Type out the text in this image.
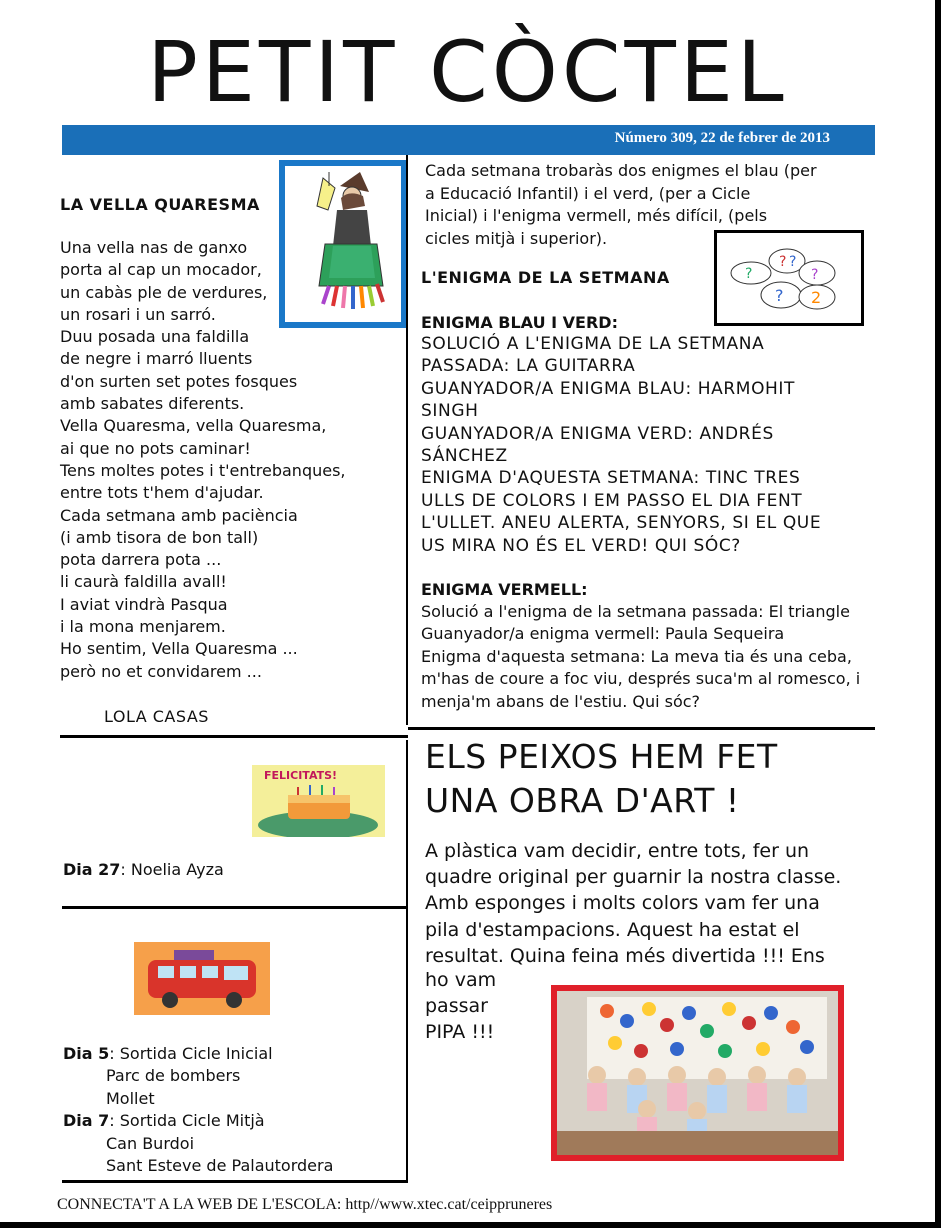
PETIT CÒCTEL
Número 309, 22 de febrer de 2013
LA VELLA QUARESMA
Una vella nas de ganxo
porta al cap un mocador,
un cabàs ple de verdures,
un rosari i un sarró.
Duu posada una faldilla
de negre i marró lluents
d'on surten set potes fosques
amb sabates diferents.
Vella Quaresma, vella Quaresma,
ai que no pots caminar!
Tens moltes potes i t'entrebanques,
entre tots t'hem d'ajudar.
Cada setmana amb paciència
(i amb tisora de bon tall)
pota darrera pota ...
li caurà faldilla avall!
I aviat vindrà Pasqua
i la mona menjarem.
Ho sentim, Vella Quaresma ...
però no et convidarem ...
LOLA CASAS
Cada setmana trobaràs dos enigmes el blau (per
a Educació Infantil) i el verd, (per a Cicle
Inicial) i l'enigma vermell, més difícil, (pels
cicles mitjà i superior).
L'ENIGMA DE LA SETMANA	?
? ?
?
? 2
ENIGMA BLAU I VERD:
SOLUCIÓ A L'ENIGMA DE LA SETMANA
PASSADA: LA GUITARRA
GUANYADOR/A ENIGMA BLAU: HARMOHIT
SINGH
GUANYADOR/A ENIGMA VERD: ANDRÉS
SÁNCHEZ
ENIGMA D'AQUESTA SETMANA: TINC TRES
ULLS DE COLORS I EM PASSO EL DIA FENT
L'ULLET. ANEU ALERTA, SENYORS, SI EL QUE
US MIRA NO ÉS EL VERD! QUI SÓC?
ENIGMA VERMELL:
Solució a l'enigma de la setmana passada: El triangle
Guanyador/a enigma vermell: Paula Sequeira
Enigma d'aquesta setmana: La meva tia és una ceba,
m'has de coure a foc viu, després suca'm al romesco, i
menja'm abans de l'estiu. Qui sóc?
FELICITATS!
Dia 27: Noelia Ayza
Dia 5: Sortida Cicle Inicial
Parc de bombers
Mollet
Dia 7: Sortida Cicle Mitjà
Can Burdoi
Sant Esteve de Palautordera
ELS PEIXOS HEM FET
UNA OBRA D'ART !
A plàstica vam decidir, entre tots, fer un
quadre original per guarnir la nostra classe.
Amb esponges i molts colors vam fer una
pila d'estampacions. Aquest ha estat el
resultat. Quina feina més divertida !!! Ens
ho vam
passar
PIPA !!!
CONNECTA'T A LA WEB DE L'ESCOLA: http//www.xtec.cat/ceippruneres
